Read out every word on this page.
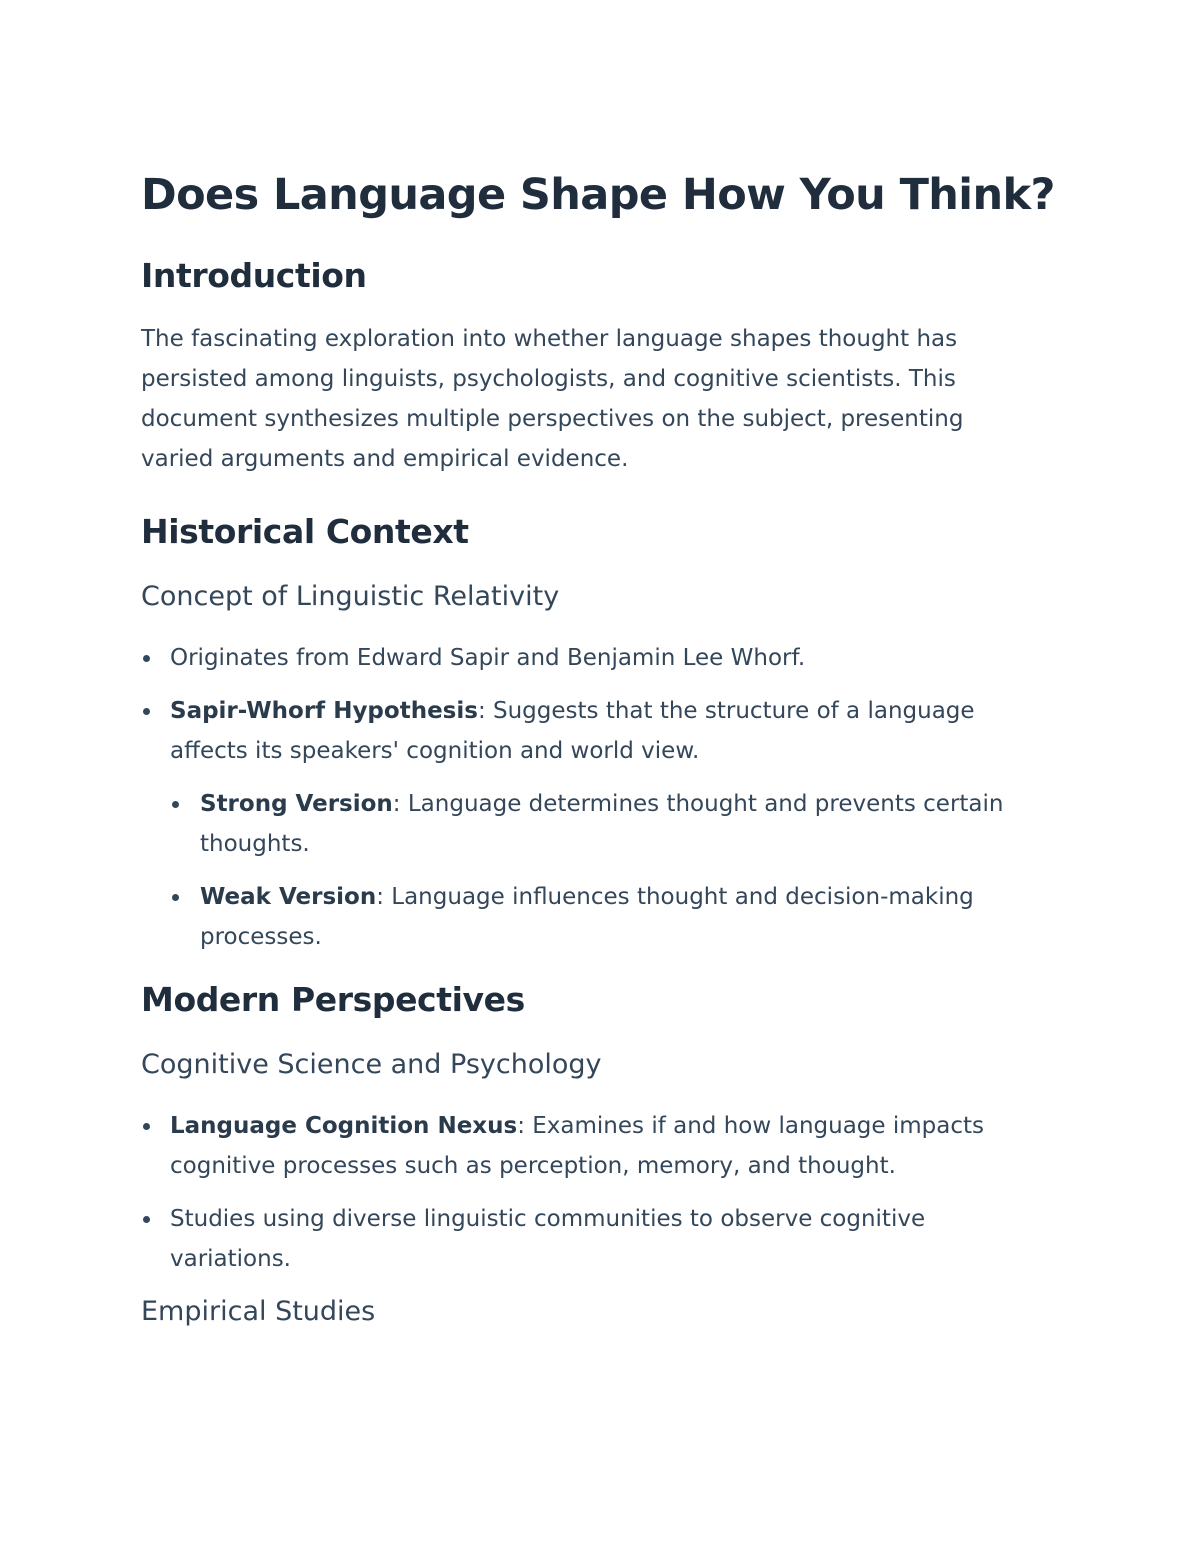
Does Language Shape How You Think?
Introduction

The fascinating exploration into whether language shapes thought has persisted among linguists, psychologists, and cognitive scientists. This document synthesizes multiple perspectives on the subject, presenting varied arguments and empirical evidence.

Historical Context
Concept of Linguistic Relativity
Originates from Edward Sapir and Benjamin Lee Whorf.
Sapir-Whorf Hypothesis: Suggests that the structure of a language affects its speakers' cognition and world view.
Strong Version: Language determines thought and prevents certain thoughts.
Weak Version: Language influences thought and decision-making processes.
Modern Perspectives
Cognitive Science and Psychology
Language Cognition Nexus: Examines if and how language impacts cognitive processes such as perception, memory, and thought.
Studies using diverse linguistic communities to observe cognitive variations.
Empirical Studies
